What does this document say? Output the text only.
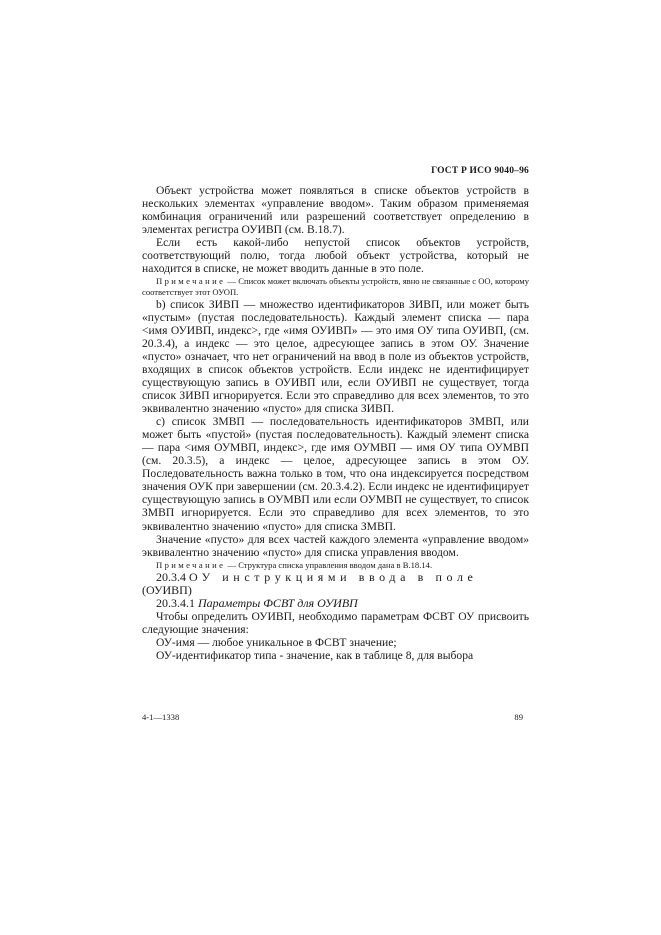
ГОСТ Р ИСО 9040–96

Объект устройства может появляться в списке объектов устройств в нескольких элементах «управление вводом». Таким образом применяемая комбинация ограничений или разрешений соответствует определению в элементах регистра ОУИВП (см. В.18.7).

Если есть какой-либо непустой список объектов устройств, соответствующий полю, тогда любой объект устройства, который не находится в списке, не может вводить данные в это поле.

Примечание — Список может включать объекты устройств, явно не связанные с ОО, которому соответствует этот ОУОП.

b) список ЗИВП — множество идентификаторов ЗИВП, или может быть «пустым» (пустая последовательность). Каждый элемент списка — пара <имя ОУИВП, индекс>, где «имя ОУИВП» — это имя ОУ типа ОУИВП, (см. 20.3.4), а индекс — это целое, адресующее запись в этом ОУ. Значение «пусто» означает, что нет ограничений на ввод в поле из объектов устройств, входящих в список объектов устройств. Если индекс не идентифицирует существующую запись в ОУИВП или, если ОУИВП не существует, тогда список ЗИВП игнорируется. Если это справедливо для всех элементов, то это эквивалентно значению «пусто» для списка ЗИВП.

c) список ЗМВП — последовательность идентификаторов ЗМВП, или может быть «пустой» (пустая последовательность). Каждый элемент списка — пара <имя ОУМВП, индекс>, где имя ОУМВП — имя ОУ типа ОУМВП (см. 20.3.5), а индекс — целое, адресующее запись в этом ОУ. Последовательность важна только в том, что она индексируется посредством значения ОУК при завершении (см. 20.3.4.2). Если индекс не идентифицирует существующую запись в ОУМВП или если ОУМВП не существует, то список ЗМВП игнорируется. Если это справедливо для всех элементов, то это эквивалентно значению «пусто» для списка ЗМВП.

Значение «пусто» для всех частей каждого элемента «управление вводом» эквивалентно значению «пусто» для списка управления вводом.

Примечание — Структура списка управления вводом дана в В.18.14.

20.3.4 ОУ инструкциями ввода в поле (ОУИВП)

20.3.4.1 Параметры ФСВТ для ОУИВП

Чтобы определить ОУИВП, необходимо параметрам ФСВТ ОУ присвоить следующие значения:

ОУ-имя — любое уникальное в ФСВТ значение;

ОУ-идентификатор типа - значение, как в таблице 8, для выбора

4-1—1338	89
